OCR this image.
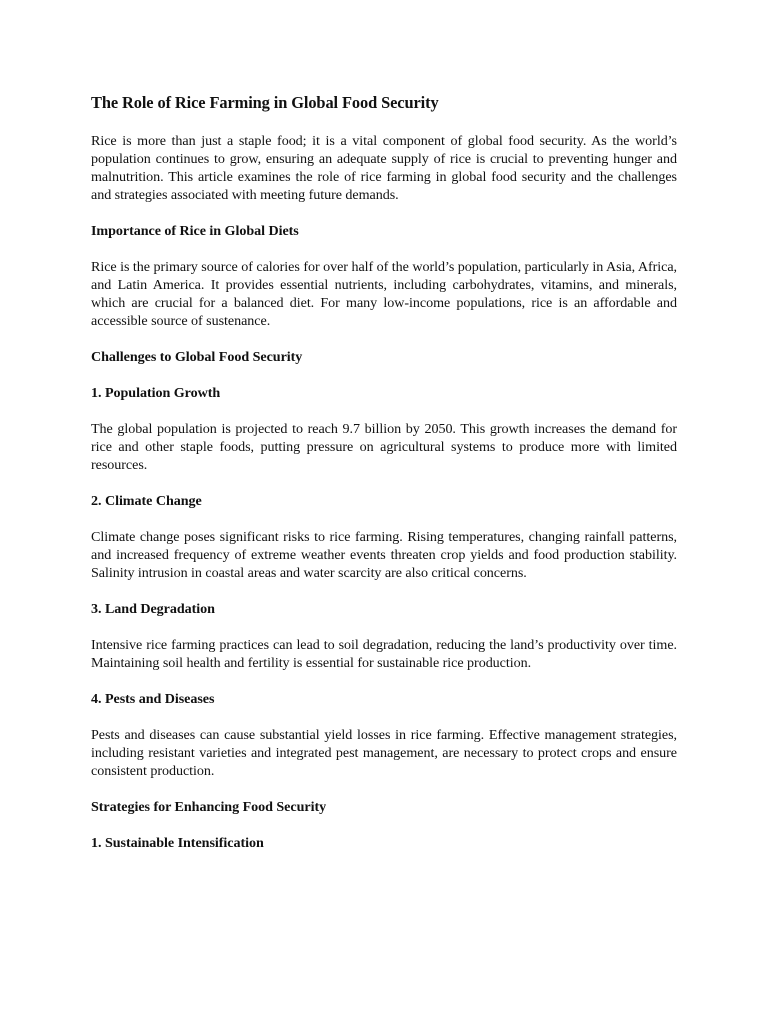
The Role of Rice Farming in Global Food Security

Rice is more than just a staple food; it is a vital component of global food security. As the world’s population continues to grow, ensuring an adequate supply of rice is crucial to preventing hunger and malnutrition. This article examines the role of rice farming in global food security and the challenges and strategies associated with meeting future demands.

Importance of Rice in Global Diets

Rice is the primary source of calories for over half of the world’s population, particularly in Asia, Africa, and Latin America. It provides essential nutrients, including carbohydrates, vitamins, and minerals, which are crucial for a balanced diet. For many low-income populations, rice is an affordable and accessible source of sustenance.

Challenges to Global Food Security
1. Population Growth

The global population is projected to reach 9.7 billion by 2050. This growth increases the demand for rice and other staple foods, putting pressure on agricultural systems to produce more with limited resources.

2. Climate Change

Climate change poses significant risks to rice farming. Rising temperatures, changing rainfall patterns, and increased frequency of extreme weather events threaten crop yields and food production stability. Salinity intrusion in coastal areas and water scarcity are also critical concerns.

3. Land Degradation

Intensive rice farming practices can lead to soil degradation, reducing the land’s productivity over time. Maintaining soil health and fertility is essential for sustainable rice production.

4. Pests and Diseases

Pests and diseases can cause substantial yield losses in rice farming. Effective management strategies, including resistant varieties and integrated pest management, are necessary to protect crops and ensure consistent production.

Strategies for Enhancing Food Security
1. Sustainable Intensification
